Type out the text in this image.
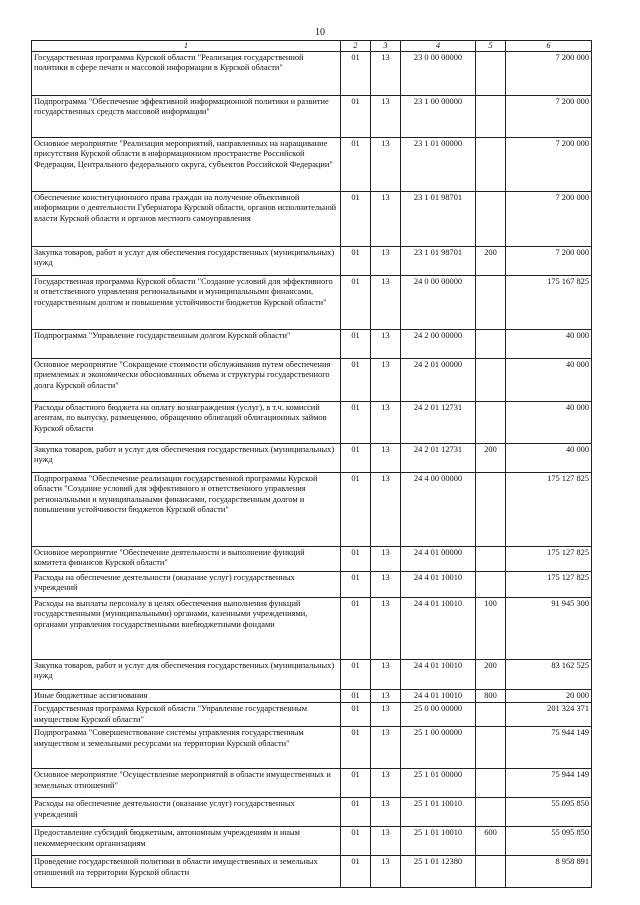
10
1	2	3	4	5	6
Государственная программа Курской области "Реализация государственной политики в сфере печати и массовой информации в Курской области"	01	13	23 0 00 00000		7 200 000
Подпрограмма "Обеспечение эффективной информационной политики и развитие государственных средств массовой информации"	01	13	23 1 00 00000		7 200 000
Основное мероприятие "Реализация мероприятий, направленных на наращивание присутствия Курской области в информационном пространстве Российской Федерации, Центрального федерального округа, субъектов Российской Федерации"	01	13	23 1 01 00000		7 200 000
Обеспечение конституционного права граждан на получение объективной информации о деятельности Губернатора Курской области, органов исполнительной власти Курской области и органов местного самоуправления	01	13	23 1 01 98701		7 200 000
Закупка товаров, работ и услуг для обеспечения государственных (муниципальных) нужд	01	13	23 1 01 98701	200	7 200 000
Государственная программа Курской области "Создание условий для эффективного и ответственного управления региональными и муниципальными финансами, государственным долгом и повышения устойчивости бюджетов Курской области"	01	13	24 0 00 00000		175 167 825
Подпрограмма "Управление государственным долгом Курской области"	01	13	24 2 00 00000		40 000
Основное мероприятие "Сокращение стоимости обслуживания путем обеспечения приемлемых и экономически обоснованных объема и структуры государственного долга Курской области"	01	13	24 2 01 00000		40 000
Расходы областного бюджета на оплату вознаграждения (услуг), в т.ч. комиссий агентам, по выпуску, размещению, обращению облигаций облигационных займов Курской области	01	13	24 2 01 12731		40 000
Закупка товаров, работ и услуг для обеспечения государственных (муниципальных) нужд	01	13	24 2 01 12731	200	40 000
Подпрограмма "Обеспечение реализации государственной программы Курской области "Создание условий для эффективного и ответственного управления региональными и муниципальными финансами, государственным долгом и повышения устойчивости бюджетов Курской области"	01	13	24 4 00 00000		175 127 825
Основное мероприятие "Обеспечение деятельности и выполнение функций комитета финансов Курской области"	01	13	24 4 01 00000		175 127 825
Расходы на обеспечение деятельности (оказание услуг) государственных учреждений	01	13	24 4 01 10010		175 127 825
Расходы на выплаты персоналу в целях обеспечения выполнения функций государственными (муниципальными) органами, казенными учреждениями, органами управления государственными внебюджетными фондами	01	13	24 4 01 10010	100	91 945 300
Закупка товаров, работ и услуг для обеспечения государственных (муниципальных) нужд	01	13	24 4 01 10010	200	83 162 525
Иные бюджетные ассигнования	01	13	24 4 01 10010	800	20 000
Государственная программа Курской области "Управление государственным имуществом Курской области"	01	13	25 0 00 00000		201 324 371
Подпрограмма "Совершенствование системы управления государственным имуществом и земельными ресурсами на территории Курской области"	01	13	25 1 00 00000		75 944 149
Основное мероприятие "Осуществление мероприятий в области имущественных и земельных отношений"	01	13	25 1 01 00000		75 944 149
Расходы на обеспечение деятельности (оказание услуг) государственных учреждений	01	13	25 1 01 10010		55 095 850
Предоставление субсидий бюджетным, автономным учреждениям и иным некоммерческим организациям	01	13	25 1 01 10010	600	55 095 850
Проведение государственной политики в области имущественных и земельных отношений на территории Курской области	01	13	25 1 01 12380		8 958 891
